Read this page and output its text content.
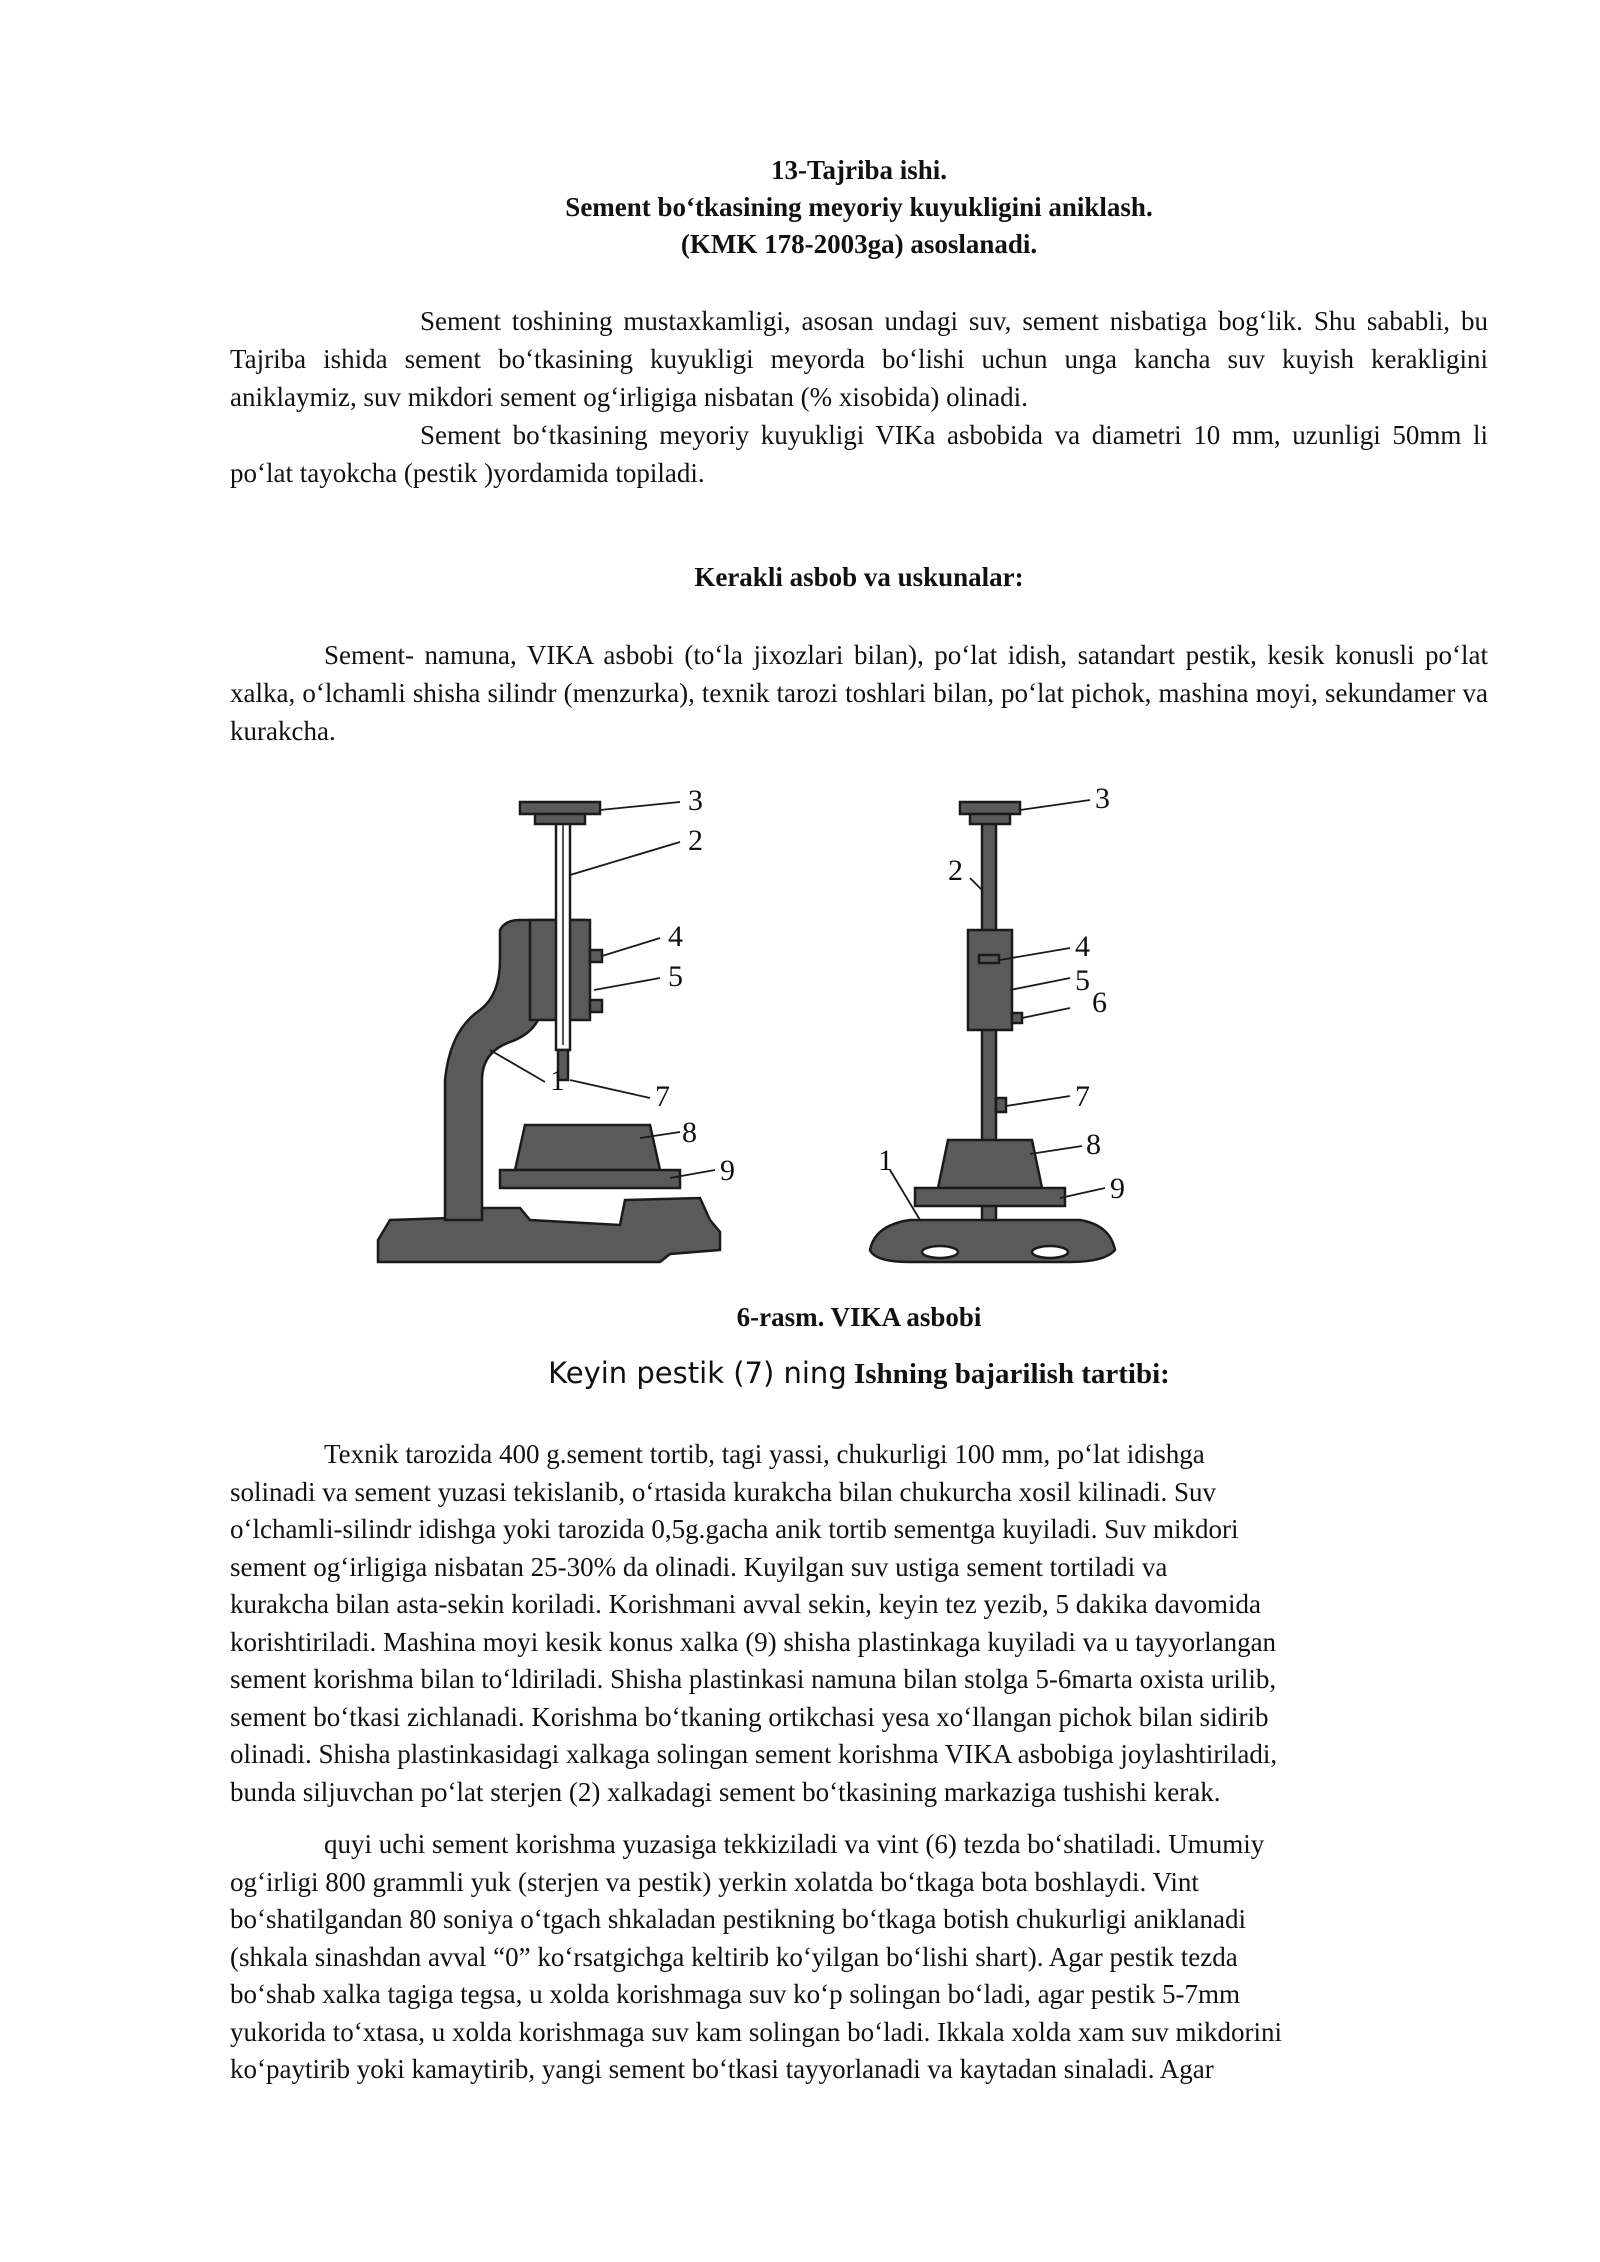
13-Tajriba ishi.
Sement bo‘tkasining meyoriy kuyukligini aniklash.
(KMK 178-2003ga) asoslanadi.

Sement toshining mustaxkamligi, asosan undagi suv, sement nisbatiga bog‘lik. Shu sababli, bu Tajriba ishida sement bo‘tkasining kuyukligi meyorda bo‘lishi uchun unga kancha suv kuyish kerakligini aniklaymiz, suv mikdori sement og‘irligiga nisbatan (% xisobida) olinadi.

Sement bo‘tkasining meyoriy kuyukligi VIKa asbobida va diametri 10 mm, uzunligi 50mm li po‘lat tayokcha (pestik )yordamida topiladi.

Kerakli asbob va uskunalar:

Sement- namuna, VIKA asbobi (to‘la jixozlari bilan), po‘lat idish, satandart pestik, kesik konusli po‘lat xalka, o‘lchamli shisha silindr (menzurka), texnik tarozi toshlari bilan, po‘lat pichok, mashina moyi, sekundamer va kurakcha.

3
2
4
5
1	7
8
9
3
2
4
5
6
7
8
1
9
6-rasm. VIKA asbobi
Keyin pestik (7) ning Ishning bajarilish tartibi:
Texnik tarozida 400 g.sement tortib, tagi yassi, chukurligi 100 mm, po‘lat idishga
solinadi va sement yuzasi tekislanib, o‘rtasida kurakcha bilan chukurcha xosil kilinadi. Suv
o‘lchamli-silindr idishga yoki tarozida 0,5g.gacha anik tortib sementga kuyiladi. Suv mikdori
sement og‘irligiga nisbatan 25-30% da olinadi. Kuyilgan suv ustiga sement tortiladi va
kurakcha bilan asta-sekin koriladi. Korishmani avval sekin, keyin tez yezib, 5 dakika davomida
korishtiriladi. Mashina moyi kesik konus xalka (9) shisha plastinkaga kuyiladi va u tayyorlangan
sement korishma bilan to‘ldiriladi. Shisha plastinkasi namuna bilan stolga 5-6marta oxista urilib,
sement bo‘tkasi zichlanadi. Korishma bo‘tkaning ortikchasi yesa xo‘llangan pichok bilan sidirib
olinadi. Shisha plastinkasidagi xalkaga solingan sement korishma VIKA asbobiga joylashtiriladi,
bunda siljuvchan po‘lat sterjen (2) xalkadagi sement bo‘tkasining markaziga tushishi kerak.
quyi uchi sement korishma yuzasiga tekkiziladi va vint (6) tezda bo‘shatiladi. Umumiy
og‘irligi 800 grammli yuk (sterjen va pestik) yerkin xolatda bo‘tkaga bota boshlaydi. Vint
bo‘shatilgandan 80 soniya o‘tgach shkaladan pestikning bo‘tkaga botish chukurligi aniklanadi
(shkala sinashdan avval “0” ko‘rsatgichga keltirib ko‘yilgan bo‘lishi shart). Agar pestik tezda
bo‘shab xalka tagiga tegsa, u xolda korishmaga suv ko‘p solingan bo‘ladi, agar pestik 5-7mm
yukorida to‘xtasa, u xolda korishmaga suv kam solingan bo‘ladi. Ikkala xolda xam suv mikdorini
ko‘paytirib yoki kamaytirib, yangi sement bo‘tkasi tayyorlanadi va kaytadan sinaladi. Agar
